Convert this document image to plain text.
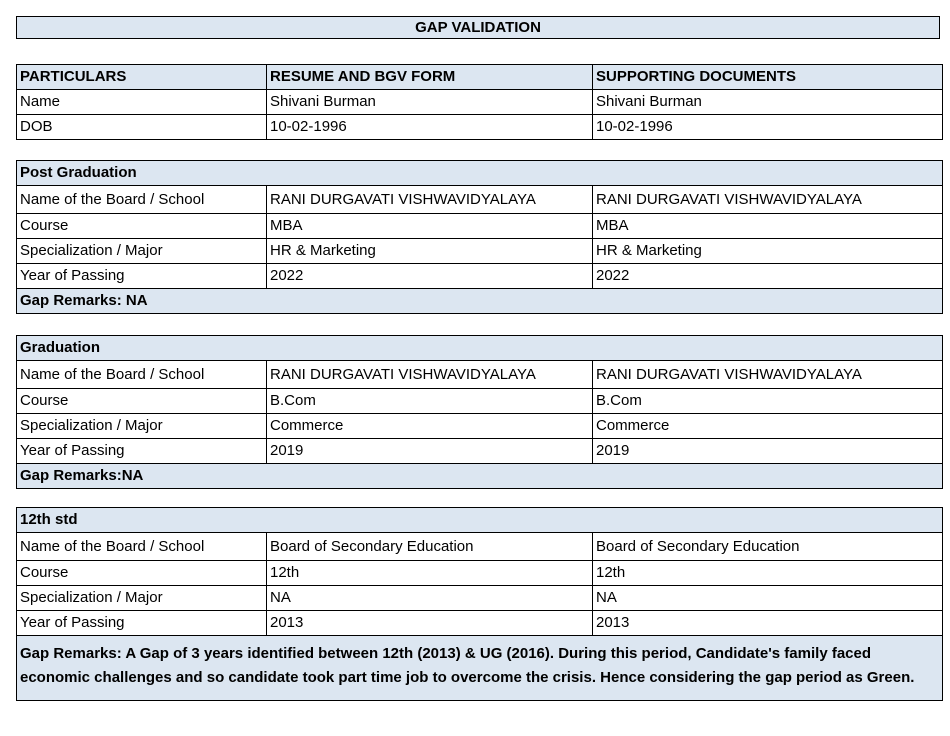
GAP VALIDATION
PARTICULARS	RESUME AND BGV FORM	SUPPORTING DOCUMENTS
Name	Shivani Burman	Shivani Burman
DOB	10-02-1996	10-02-1996
Post Graduation		
Name of the Board / School	RANI DURGAVATI VISHWAVIDYALAYA	RANI DURGAVATI VISHWAVIDYALAYA
Course	MBA	MBA
Specialization / Major	HR & Marketing	HR & Marketing
Year of Passing	2022	2022
Gap Remarks: NA		
Graduation		
Name of the Board / School	RANI DURGAVATI VISHWAVIDYALAYA	RANI DURGAVATI VISHWAVIDYALAYA
Course	B.Com	B.Com
Specialization / Major	Commerce	Commerce
Year of Passing	2019	2019
Gap Remarks:NA		
12th std		
Name of the Board / School	Board of Secondary Education	Board of Secondary Education
Course	12th	12th
Specialization / Major	NA	NA
Year of Passing	2013	2013
Gap Remarks: A Gap of 3 years identified between 12th (2013) & UG (2016). During this period, Candidate's family faced economic challenges and so candidate took part time job to overcome the crisis. Hence considering the gap period as Green.		
